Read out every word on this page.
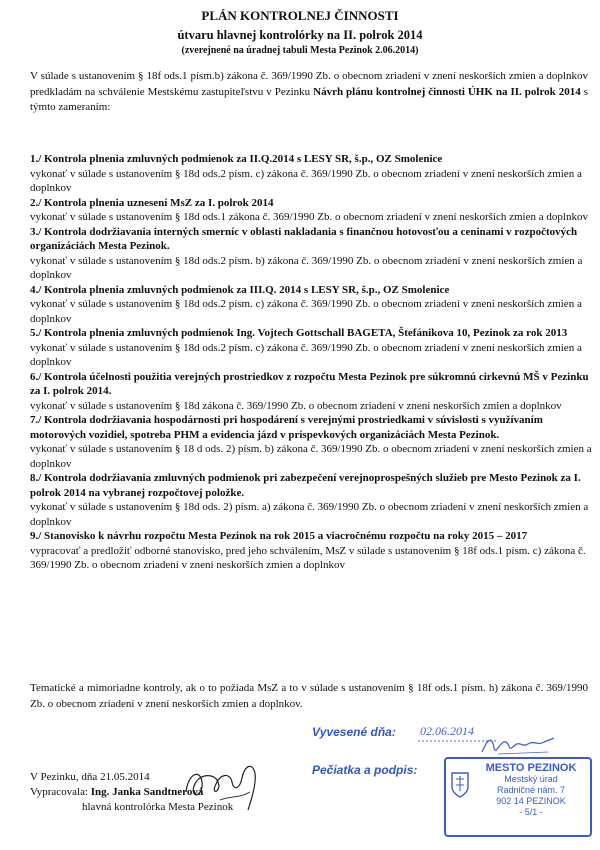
PLÁN KONTROLNEJ ČINNOSTI
útvaru hlavnej kontrolórky na II. polrok 2014
(zverejnené na úradnej tabuli Mesta Pezinok 2.06.2014)
V súlade s ustanovením § 18f ods.1 písm.b) zákona č. 369/1990 Zb. o obecnom zriadení v znení neskorších zmien a doplnkov predkladám na schválenie Mestskému zastupiteľstvu v Pezinku Návrh plánu kontrolnej činnosti ÚHK na II. polrok 2014 s týmto zameraním:
1./ Kontrola plnenia zmluvných podmienok za II.Q.2014 s LESY SR, š.p., OZ Smolenice
vykonať v súlade s ustanovením § 18d ods.2 písm. c) zákona č. 369/1990 Zb. o obecnom zriadení v znení neskorších zmien a doplnkov
2./ Kontrola plnenia uznesení MsZ za I. polrok 2014
vykonať v súlade s ustanovením § 18d ods.1 zákona č. 369/1990 Zb. o obecnom zriadení v znení neskorších zmien a doplnkov
3./ Kontrola dodržiavania interných smerníc v oblasti nakladania s finančnou hotovosťou a ceninami v rozpočtových organizáciách Mesta Pezinok.
vykonať v súlade s ustanovením § 18d ods.2 písm. b) zákona č. 369/1990 Zb. o obecnom zriadení v znení neskorších zmien a doplnkov
4./ Kontrola plnenia zmluvných podmienok za III.Q. 2014 s LESY SR, š.p., OZ Smolenice
vykonať v súlade s ustanovením § 18d ods.2 písm. c) zákona č. 369/1990 Zb. o obecnom zriadení v znení neskorších zmien a doplnkov
5./ Kontrola plnenia zmluvných podmienok Ing. Vojtech Gottschall BAGETA, Štefánikova 10, Pezinok za rok 2013
vykonať v súlade s ustanovením § 18d ods.2 písm. c) zákona č. 369/1990 Zb. o obecnom zriadení v znení neskorších zmien a doplnkov
6./ Kontrola účelnosti použitia verejných prostriedkov z rozpočtu Mesta Pezinok pre súkromnú cirkevnú MŠ v Pezinku za I. polrok 2014.
vykonať v súlade s ustanovením § 18d zákona č. 369/1990 Zb. o obecnom zriadení v znení neskorších zmien a doplnkov
7./ Kontrola dodržiavania hospodárnosti pri hospodárení s verejnými prostriedkami v súvislosti s využívaním motorových vozidiel, spotreba PHM a evidencia jázd v príspevkových organizáciách Mesta Pezinok.
vykonať v súlade s ustanovením § 18 d ods. 2) písm. b) zákona č. 369/1990 Zb. o obecnom zriadení v znení neskorších zmien a doplnkov
8./ Kontrola dodržiavania zmluvných podmienok pri zabezpečení verejnoprospešných služieb pre Mesto Pezinok za I. polrok 2014 na vybranej rozpočtovej položke.
vykonať v súlade s ustanovením § 18d ods. 2) písm. a) zákona č. 369/1990 Zb. o obecnom zriadení v znení neskorších zmien a doplnkov
9./ Stanovisko k návrhu rozpočtu Mesta Pezinok na rok 2015 a viacročnému rozpočtu na roky 2015 – 2017
vypracovať a predložiť odborné stanovisko, pred jeho schválením, MsZ v súlade s ustanovením § 18f ods.1 písm. c) zákona č. 369/1990 Zb. o obecnom zriadení v znení neskorších zmien a doplnkov
Tematické a mimoriadne kontroly, ak o to požiada MsZ a to v súlade s ustanovením § 18f ods.1 písm. h) zákona č. 369/1990 Zb. o obecnom zriadení v znení neskorších zmien a doplnkov.
Vyvesené dňa: 02.06.2014
Pečiatka a podpis:
V Pezinku, dňa 21.05.2014
Vypracovala: Ing. Janka Sandtnerová
hlavná kontrolórka Mesta Pezinok
MESTO PEZINOK
Mestský úrad
Radničné nám. 7
902 14 PEZINOK
- 5/1 -
